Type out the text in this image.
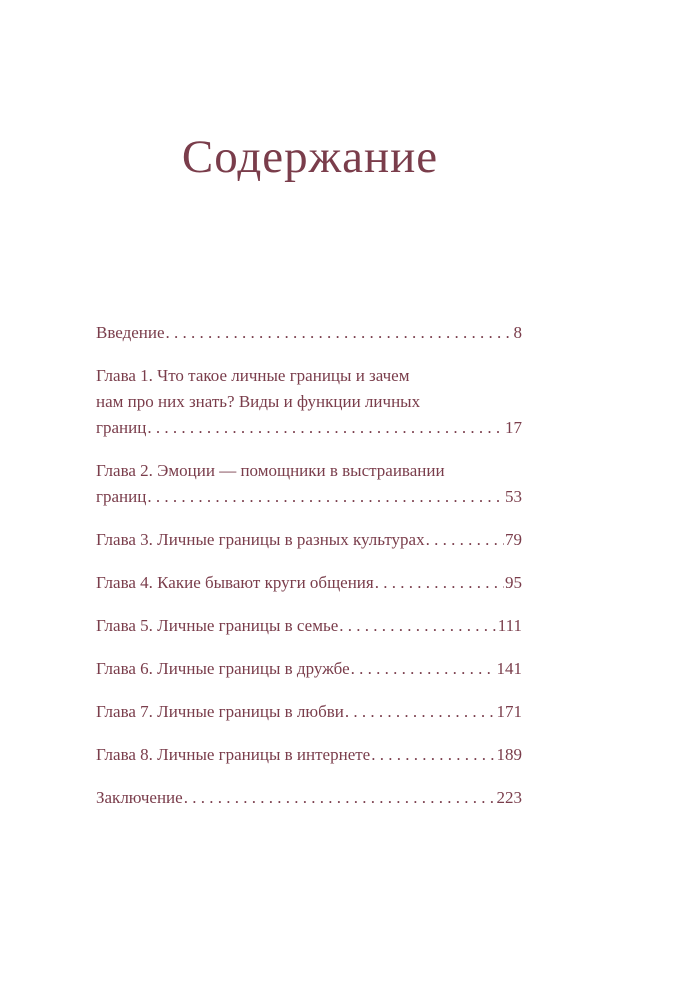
Содержание
Введение . . .	8
Глава 1. Что такое личные границы и зачем
нам про них знать? Виды и функции личных
границ . . .	17
Глава 2. Эмоции — помощники в выстраивании
границ . . .	53
Глава 3. Личные границы в разных культурах . . .	79
Глава 4. Какие бывают круги общения . . .	95
Глава 5. Личные границы в семье . . .	111
Глава 6. Личные границы в дружбе . . .	141
Глава 7. Личные границы в любви . . .	171
Глава 8. Личные границы в интернете . . .	189
Заключение . . .	223
